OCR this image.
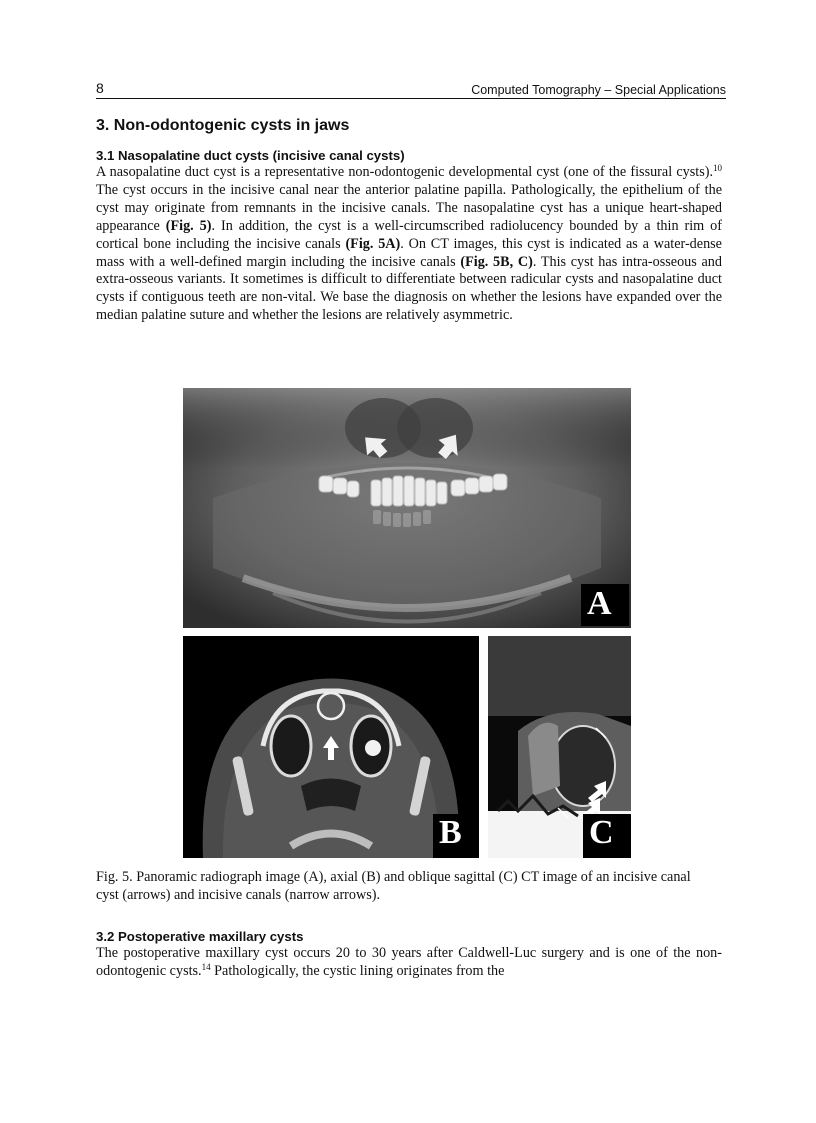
8	Computed Tomography – Special Applications
3. Non-odontogenic cysts in jaws
3.1 Nasopalatine duct cysts (incisive canal cysts)
A nasopalatine duct cyst is a representative non-odontogenic developmental cyst (one of the fissural cysts).$^{10}$ The cyst occurs in the incisive canal near the anterior palatine papilla. Pathologically, the epithelium of the cyst may originate from remnants in the incisive canals. The nasopalatine cyst has a unique heart-shaped appearance (Fig. 5). In addition, the cyst is a well-circumscribed radiolucency bounded by a thin rim of cortical bone including the incisive canals (Fig. 5A). On CT images, this cyst is indicated as a water-dense mass with a well-defined margin including the incisive canals (Fig. 5B, C). This cyst has intra-osseous and extra-osseous variants. It sometimes is difficult to differentiate between radicular cysts and nasopalatine duct cysts if contiguous teeth are non-vital. We base the diagnosis on whether the lesions have expanded over the median palatine suture and whether the lesions are relatively asymmetric.
A
B	C
Fig. 5. Panoramic radiograph image (A), axial (B) and oblique sagittal (C) CT image of an incisive canal cyst (arrows) and incisive canals (narrow arrows).
3.2 Postoperative maxillary cysts
The postoperative maxillary cyst occurs 20 to 30 years after Caldwell-Luc surgery and is one of the non-odontogenic cysts.$^{14}$ Pathologically, the cystic lining originates from the
